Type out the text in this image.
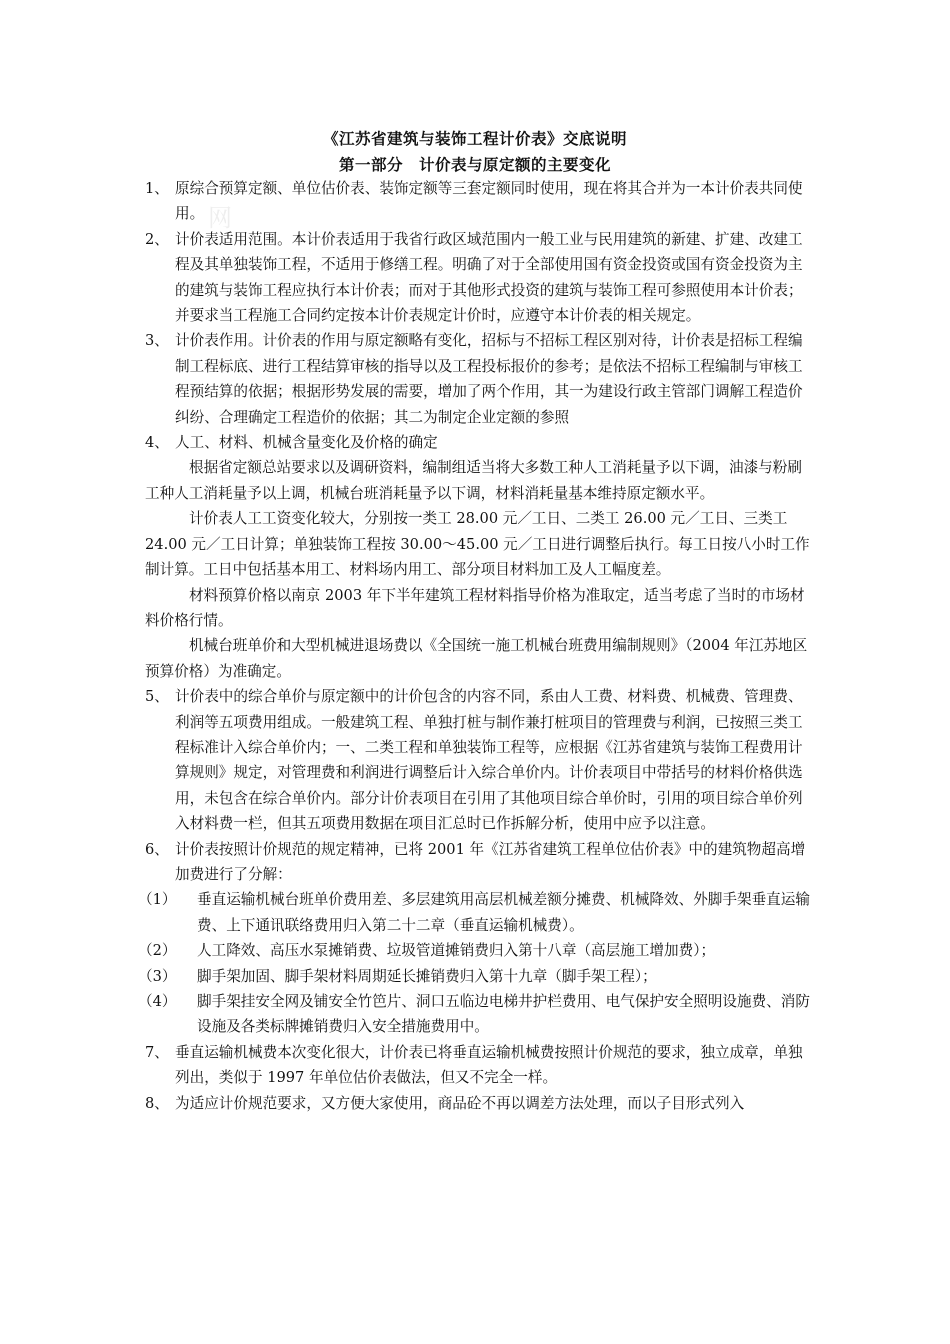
网
《江苏省建筑与装饰工程计价表》交底说明
第一部分　计价表与原定额的主要变化
1、 原综合预算定额、单位估价表、装饰定额等三套定额同时使用，现在将其合并为一本计价表共同使用。
2、 计价表适用范围。本计价表适用于我省行政区域范围内一般工业与民用建筑的新建、扩建、改建工程及其单独装饰工程，不适用于修缮工程。明确了对于全部使用国有资金投资或国有资金投资为主的建筑与装饰工程应执行本计价表；而对于其他形式投资的建筑与装饰工程可参照使用本计价表；并要求当工程施工合同约定按本计价表规定计价时，应遵守本计价表的相关规定。
3、 计价表作用。计价表的作用与原定额略有变化，招标与不招标工程区别对待，计价表是招标工程编制工程标底、进行工程结算审核的指导以及工程投标报价的参考；是依法不招标工程编制与审核工程预结算的依据；根据形势发展的需要，增加了两个作用，其一为建设行政主管部门调解工程造价纠纷、合理确定工程造价的依据；其二为制定企业定额的参照
4、 人工、材料、机械含量变化及价格的确定
根据省定额总站要求以及调研资料，编制组适当将大多数工种人工消耗量予以下调，油漆与粉刷工种人工消耗量予以上调，机械台班消耗量予以下调，材料消耗量基本维持原定额水平。
计价表人工工资变化较大，分别按一类工 28.00 元／工日、二类工 26.00 元／工日、三类工 24.00 元／工日计算；单独装饰工程按 30.00～45.00 元／工日进行调整后执行。每工日按八小时工作制计算。工日中包括基本用工、材料场内用工、部分项目材料加工及人工幅度差。
材料预算价格以南京 2003 年下半年建筑工程材料指导价格为准取定，适当考虑了当时的市场材料价格行情。
机械台班单价和大型机械进退场费以《全国统一施工机械台班费用编制规则》（2004 年江苏地区预算价格）为准确定。
5、 计价表中的综合单价与原定额中的计价包含的内容不同，系由人工费、材料费、机械费、管理费、利润等五项费用组成。一般建筑工程、单独打桩与制作兼打桩项目的管理费与利润，已按照三类工程标准计入综合单价内；一、二类工程和单独装饰工程等，应根据《江苏省建筑与装饰工程费用计算规则》规定，对管理费和利润进行调整后计入综合单价内。计价表项目中带括号的材料价格供选用，未包含在综合单价内。部分计价表项目在引用了其他项目综合单价时，引用的项目综合单价列入材料费一栏，但其五项费用数据在项目汇总时已作拆解分析，使用中应予以注意。
6、 计价表按照计价规范的规定精神，已将 2001 年《江苏省建筑工程单位估价表》中的建筑物超高增加费进行了分解：
（1） 垂直运输机械台班单价费用差、多层建筑用高层机械差额分摊费、机械降效、外脚手架垂直运输费、上下通讯联络费用归入第二十二章（垂直运输机械费）。
（2） 人工降效、高压水泵摊销费、垃圾管道摊销费归入第十八章（高层施工增加费）；
（3） 脚手架加固、脚手架材料周期延长摊销费归入第十九章（脚手架工程）；
（4） 脚手架挂安全网及铺安全竹笆片、洞口五临边电梯井护栏费用、电气保护安全照明设施费、消防设施及各类标牌摊销费归入安全措施费用中。
7、 垂直运输机械费本次变化很大，计价表已将垂直运输机械费按照计价规范的要求，独立成章，单独列出，类似于 1997 年单位估价表做法，但又不完全一样。
8、 为适应计价规范要求，又方便大家使用，商品砼不再以调差方法处理，而以子目形式列入
